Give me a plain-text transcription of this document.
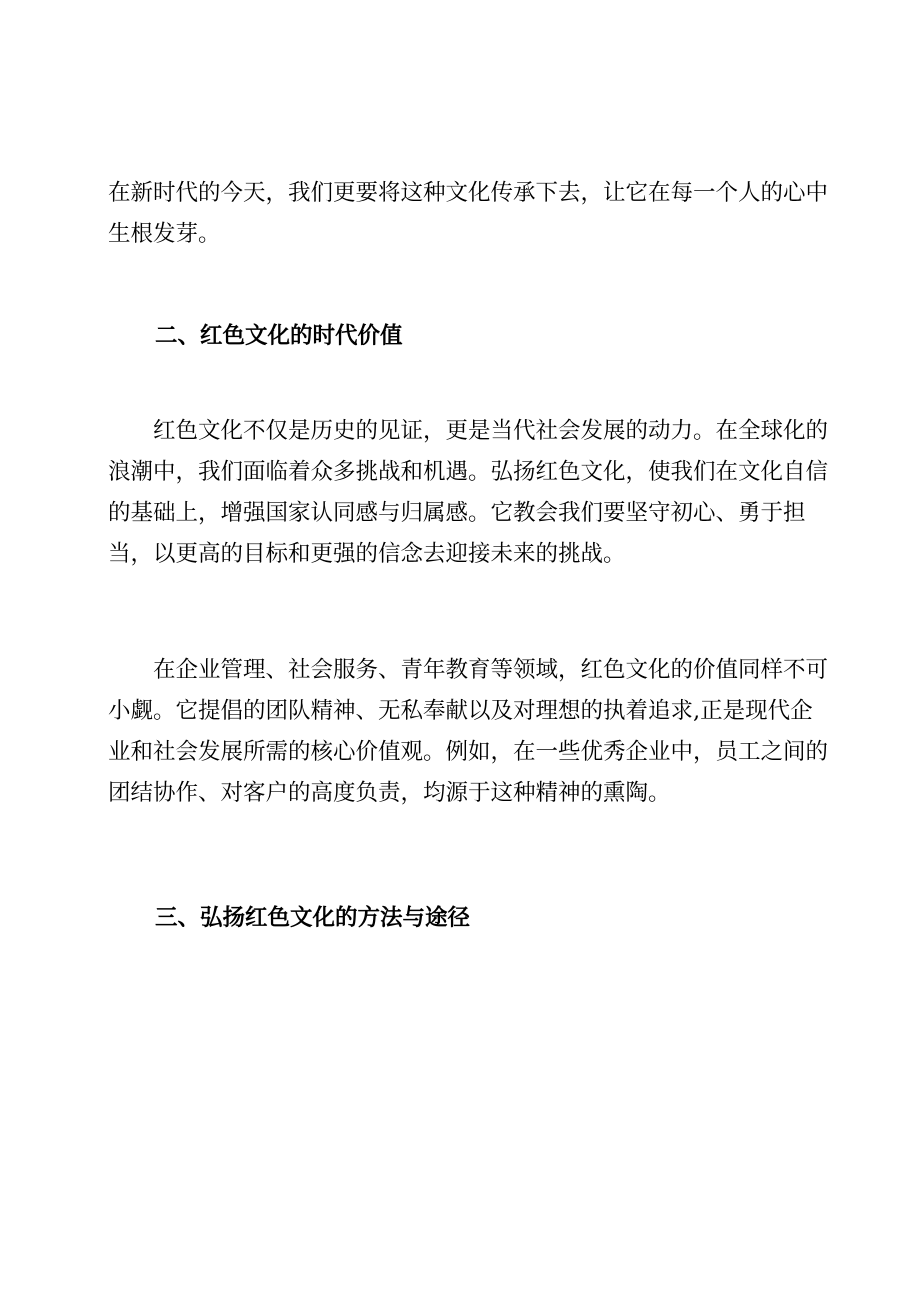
在新时代的今天，我们更要将这种文化传承下去，让它在每一个人的心中生根发芽。

二、红色文化的时代价值

红色文化不仅是历史的见证，更是当代社会发展的动力。在全球化的浪潮中，我们面临着众多挑战和机遇。弘扬红色文化，使我们在文化自信的基础上，增强国家认同感与归属感。它教会我们要坚守初心、勇于担当，以更高的目标和更强的信念去迎接未来的挑战。

在企业管理、社会服务、青年教育等领域，红色文化的价值同样不可小觑。它提倡的团队精神、无私奉献以及对理想的执着追求,正是现代企业和社会发展所需的核心价值观。例如，在一些优秀企业中，员工之间的团结协作、对客户的高度负责，均源于这种精神的熏陶。

三、弘扬红色文化的方法与途径
